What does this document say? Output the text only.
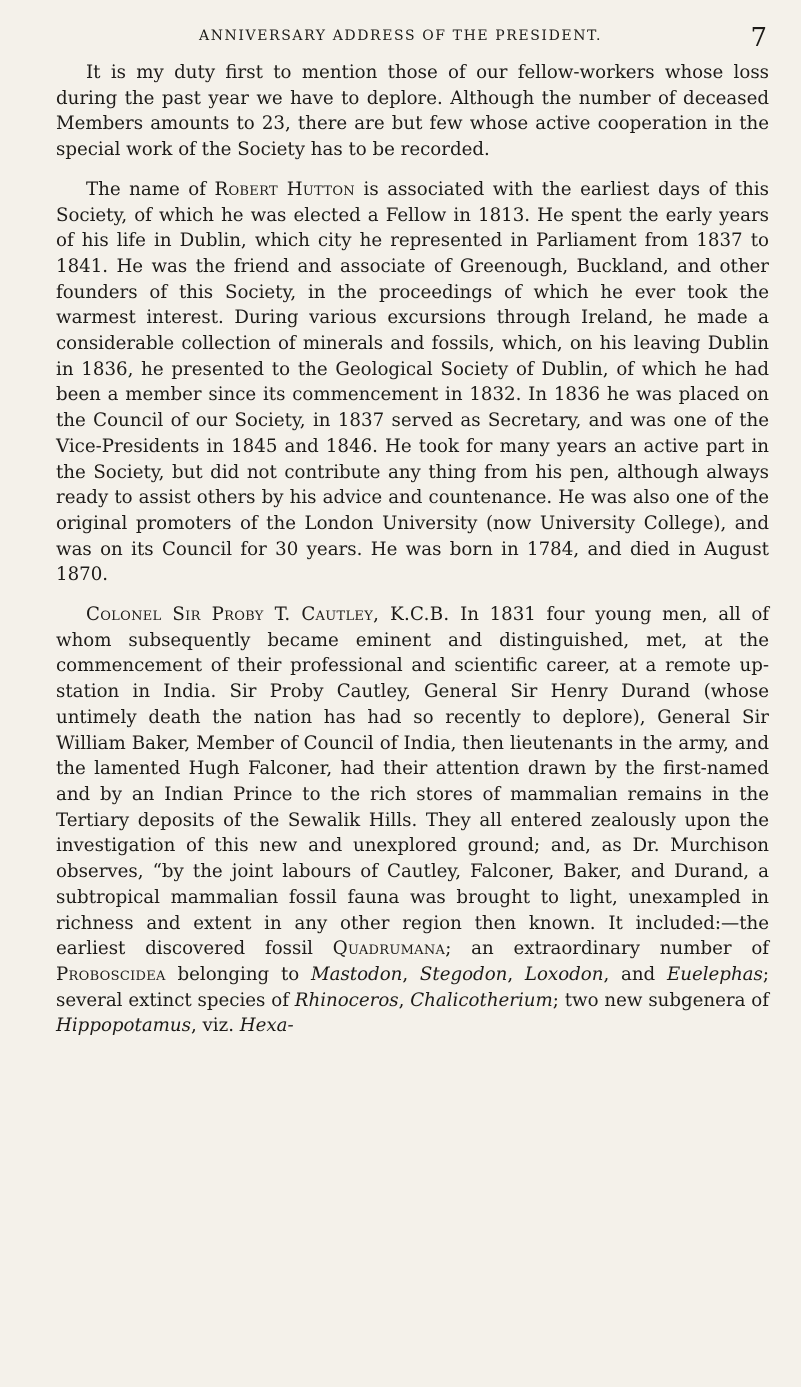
ANNIVERSARY ADDRESS OF THE PRESIDENT.	7

It is my duty first to mention those of our fellow-workers whose loss during the past year we have to deplore. Although the number of deceased Members amounts to 23, there are but few whose active cooperation in the special work of the Society has to be recorded.

The name of Robert Hutton is associated with the earliest days of this Society, of which he was elected a Fellow in 1813. He spent the early years of his life in Dublin, which city he represented in Parliament from 1837 to 1841. He was the friend and associate of Greenough, Buckland, and other founders of this Society, in the proceedings of which he ever took the warmest interest. During various excursions through Ireland, he made a considerable collection of minerals and fossils, which, on his leaving Dublin in 1836, he presented to the Geological Society of Dublin, of which he had been a member since its commencement in 1832. In 1836 he was placed on the Council of our Society, in 1837 served as Secretary, and was one of the Vice-Presidents in 1845 and 1846. He took for many years an active part in the Society, but did not contribute any thing from his pen, although always ready to assist others by his advice and countenance. He was also one of the original promoters of the London University (now University College), and was on its Council for 30 years. He was born in 1784, and died in August 1870.

Colonel Sir Proby T. Cautley, K.C.B. In 1831 four young men, all of whom subsequently became eminent and distinguished, met, at the commencement of their professional and scientific career, at a remote up-station in India. Sir Proby Cautley, General Sir Henry Durand (whose untimely death the nation has had so recently to deplore), General Sir William Baker, Member of Council of India, then lieutenants in the army, and the lamented Hugh Falconer, had their attention drawn by the first-named and by an Indian Prince to the rich stores of mammalian remains in the Tertiary deposits of the Sewalik Hills. They all entered zealously upon the investigation of this new and unexplored ground; and, as Dr. Murchison observes, “by the joint labours of Cautley, Falconer, Baker, and Durand, a subtropical mammalian fossil fauna was brought to light, unexampled in richness and extent in any other region then known. It included:—the earliest discovered fossil Quadrumana; an extraordinary number of Proboscidea belonging to Mastodon, Stegodon, Loxodon, and Euelephas; several extinct species of Rhinoceros, Chalicotherium; two new subgenera of Hippopotamus, viz. Hexa-
